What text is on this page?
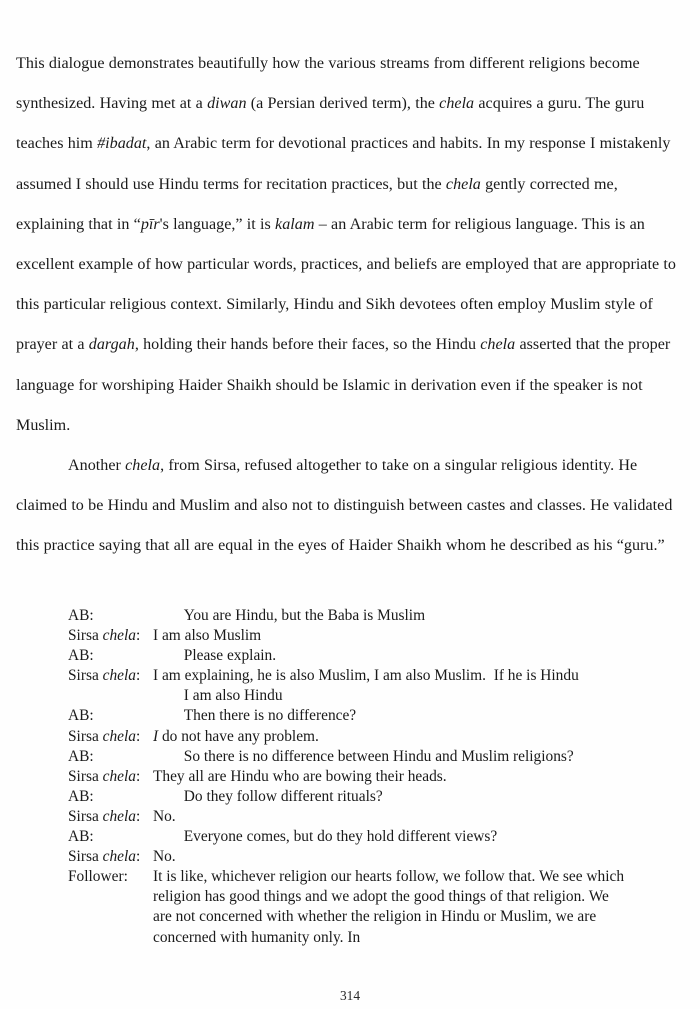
This dialogue demonstrates beautifully how the various streams from different religions become synthesized. Having met at a diwan (a Persian derived term), the chela acquires a guru. The guru teaches him #ibadat, an Arabic term for devotional practices and habits. In my response I mistakenly assumed I should use Hindu terms for recitation practices, but the chela gently corrected me, explaining that in “pīr's language,” it is kalam – an Arabic term for religious language. This is an excellent example of how particular words, practices, and beliefs are employed that are appropriate to this particular religious context. Similarly, Hindu and Sikh devotees often employ Muslim style of prayer at a dargah, holding their hands before their faces, so the Hindu chela asserted that the proper language for worshiping Haider Shaikh should be Islamic in derivation even if the speaker is not Muslim.

Another chela, from Sirsa, refused altogether to take on a singular religious identity. He claimed to be Hindu and Muslim and also not to distinguish between castes and classes. He validated this practice saying that all are equal in the eyes of Haider Shaikh whom he described as his “guru.”

AB:	    You are Hindu, but the Baba is Muslim
Sirsa chela: I am also Muslim
AB:	    Please explain.
Sirsa chela: I am explaining, he is also Muslim, I am also Muslim.  If he is Hindu
    I am also Hindu
AB:	    Then there is no difference?
Sirsa chela: I do not have any problem.
AB:	    So there is no difference between Hindu and Muslim religions?
Sirsa chela: They all are Hindu who are bowing their heads.
AB:	    Do they follow different rituals?
Sirsa chela: No.
AB:	    Everyone comes, but do they hold different views?
Sirsa chela: No.
Follower:	It is like, whichever religion our hearts follow, we follow that. We see which religion has good things and we adopt the good things of that religion. We are not concerned with whether the religion in Hindu or Muslim, we are concerned with humanity only. In
314
